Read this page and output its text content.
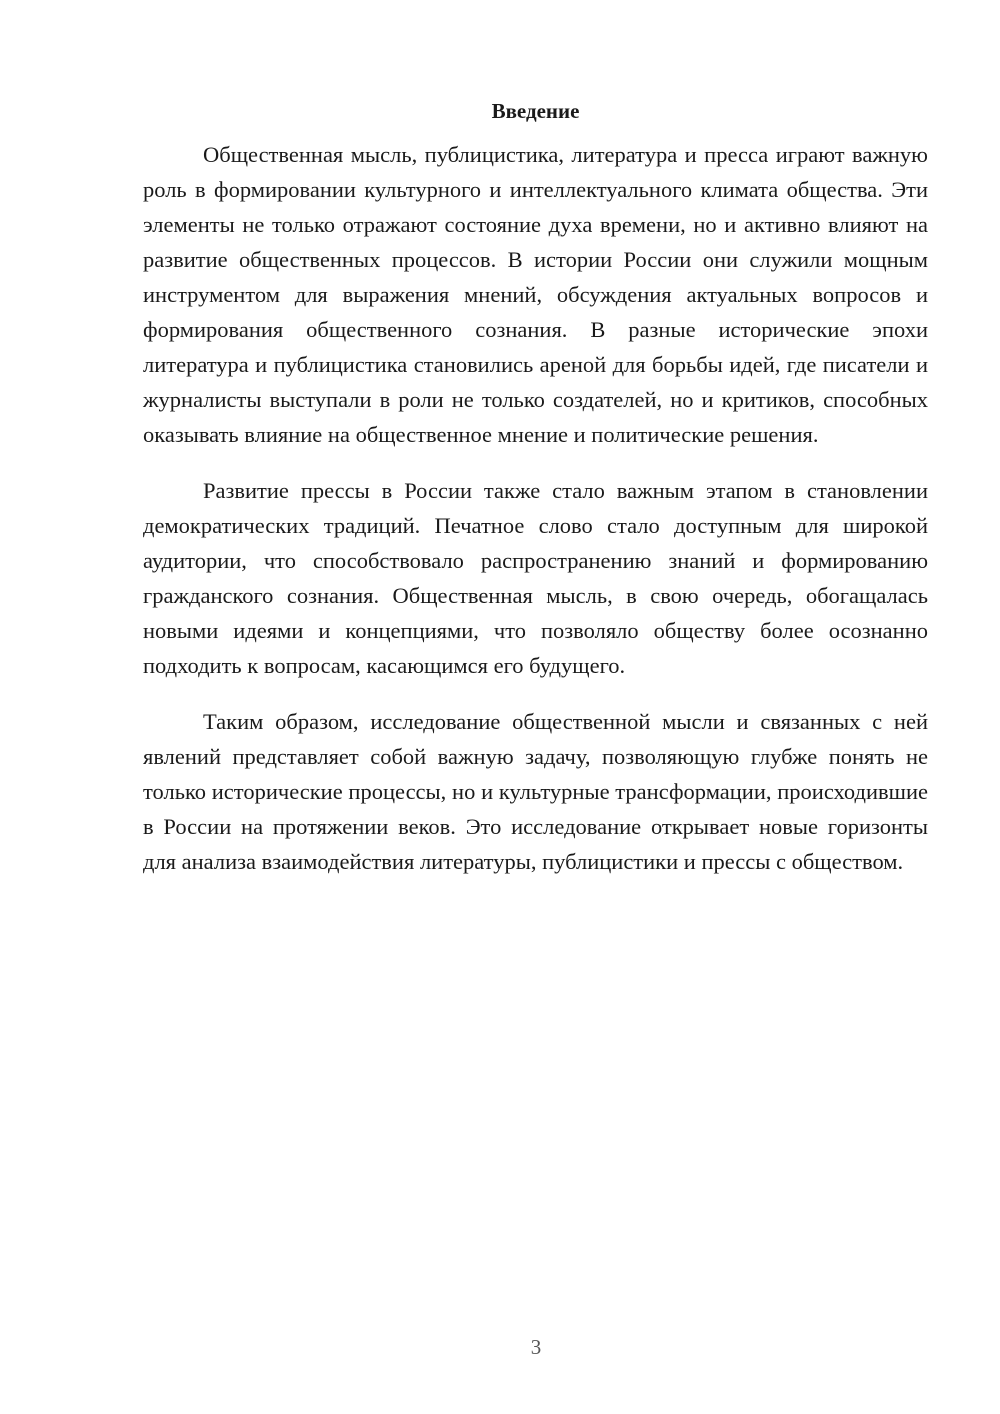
Введение

Общественная мысль, публицистика, литература и пресса играют важную роль в формировании культурного и интеллектуального климата общества. Эти элементы не только отражают состояние духа времени, но и активно влияют на развитие общественных процессов. В истории России они служили мощным инструментом для выражения мнений, обсуждения актуальных вопросов и формирования общественного сознания. В разные исторические эпохи литература и публицистика становились ареной для борьбы идей, где писатели и журналисты выступали в роли не только создателей, но и критиков, способных оказывать влияние на общественное мнение и политические решения.

Развитие прессы в России также стало важным этапом в становлении демократических традиций. Печатное слово стало доступным для широкой аудитории, что способствовало распространению знаний и формированию гражданского сознания. Общественная мысль, в свою очередь, обогащалась новыми идеями и концепциями, что позволяло обществу более осознанно подходить к вопросам, касающимся его будущего.

Таким образом, исследование общественной мысли и связанных с ней явлений представляет собой важную задачу, позволяющую глубже понять не только исторические процессы, но и культурные трансформации, происходившие в России на протяжении веков. Это исследование открывает новые горизонты для анализа взаимодействия литературы, публицистики и прессы с обществом.

3
